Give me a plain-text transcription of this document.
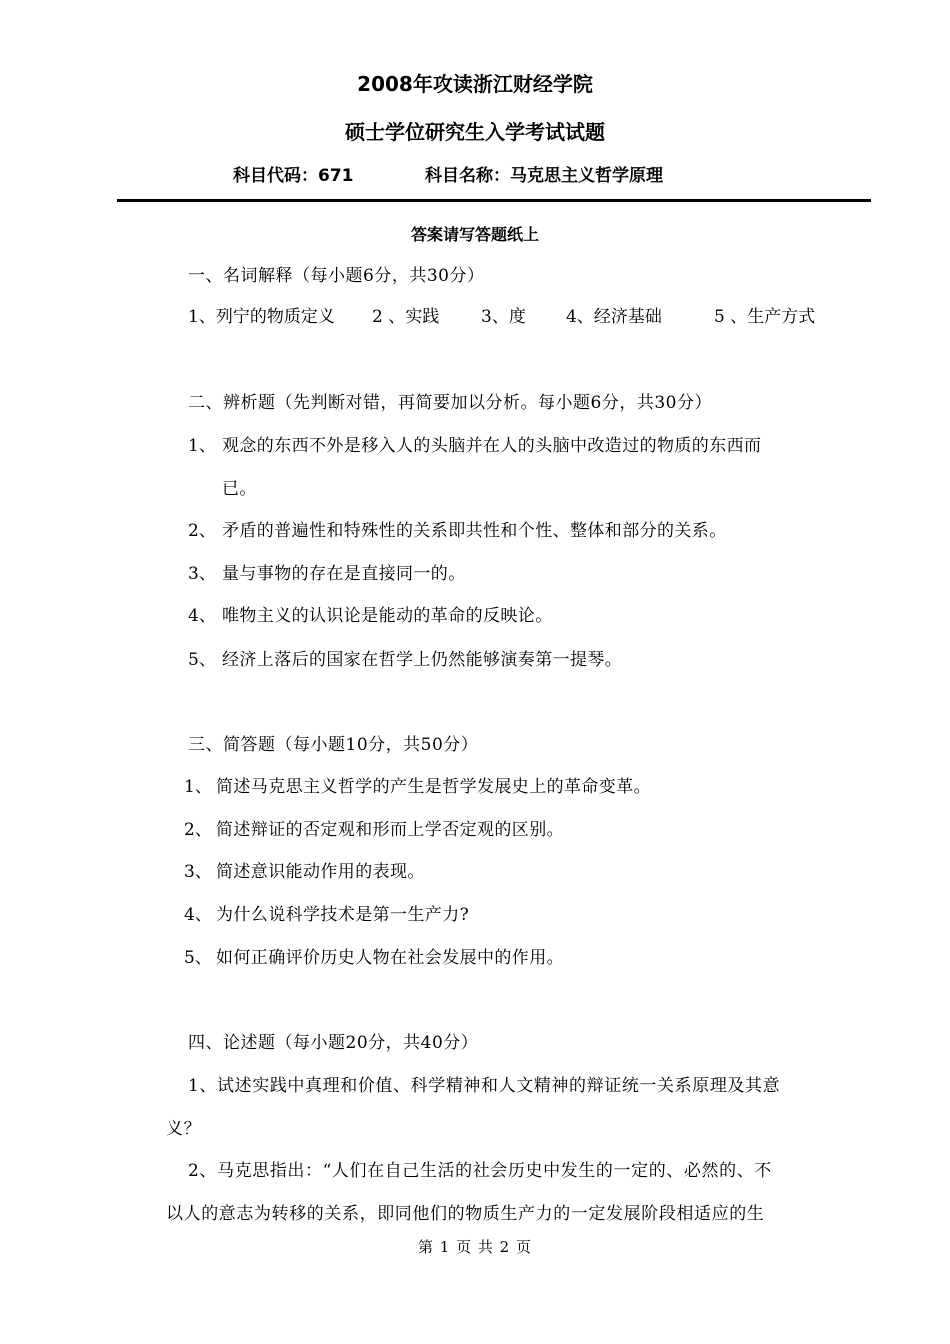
2008年攻读浙江财经学院
硕士学位研究生入学考试试题
科目代码：671	科目名称：马克思主义哲学原理
答案请写答题纸上
一、名词解释（每小题6分，共30分）
1、列宁的物质定义 2 、实践 3、度 4、经济基础	5 、生产方式
二、辨析题（先判断对错，再简要加以分析。每小题6分，共30分）
1、 观念的东西不外是移入人的头脑并在人的头脑中改造过的物质的东西而
已。
2、 矛盾的普遍性和特殊性的关系即共性和个性、整体和部分的关系。
3、 量与事物的存在是直接同一的。
4、 唯物主义的认识论是能动的革命的反映论。
5、 经济上落后的国家在哲学上仍然能够演奏第一提琴。
三、简答题（每小题10分，共50分）
1、 简述马克思主义哲学的产生是哲学发展史上的革命变革。
2、 简述辩证的否定观和形而上学否定观的区别。
3、 简述意识能动作用的表现。
4、 为什么说科学技术是第一生产力?
5、 如何正确评价历史人物在社会发展中的作用。
四、论述题（每小题20分，共40分）
1、试述实践中真理和价值、科学精神和人文精神的辩证统一关系原理及其意
义？
2、马克思指出：“人们在自己生活的社会历史中发生的一定的、必然的、不
以人的意志为转移的关系，即同他们的物质生产力的一定发展阶段相适应的生
第 1 页 共 2 页
